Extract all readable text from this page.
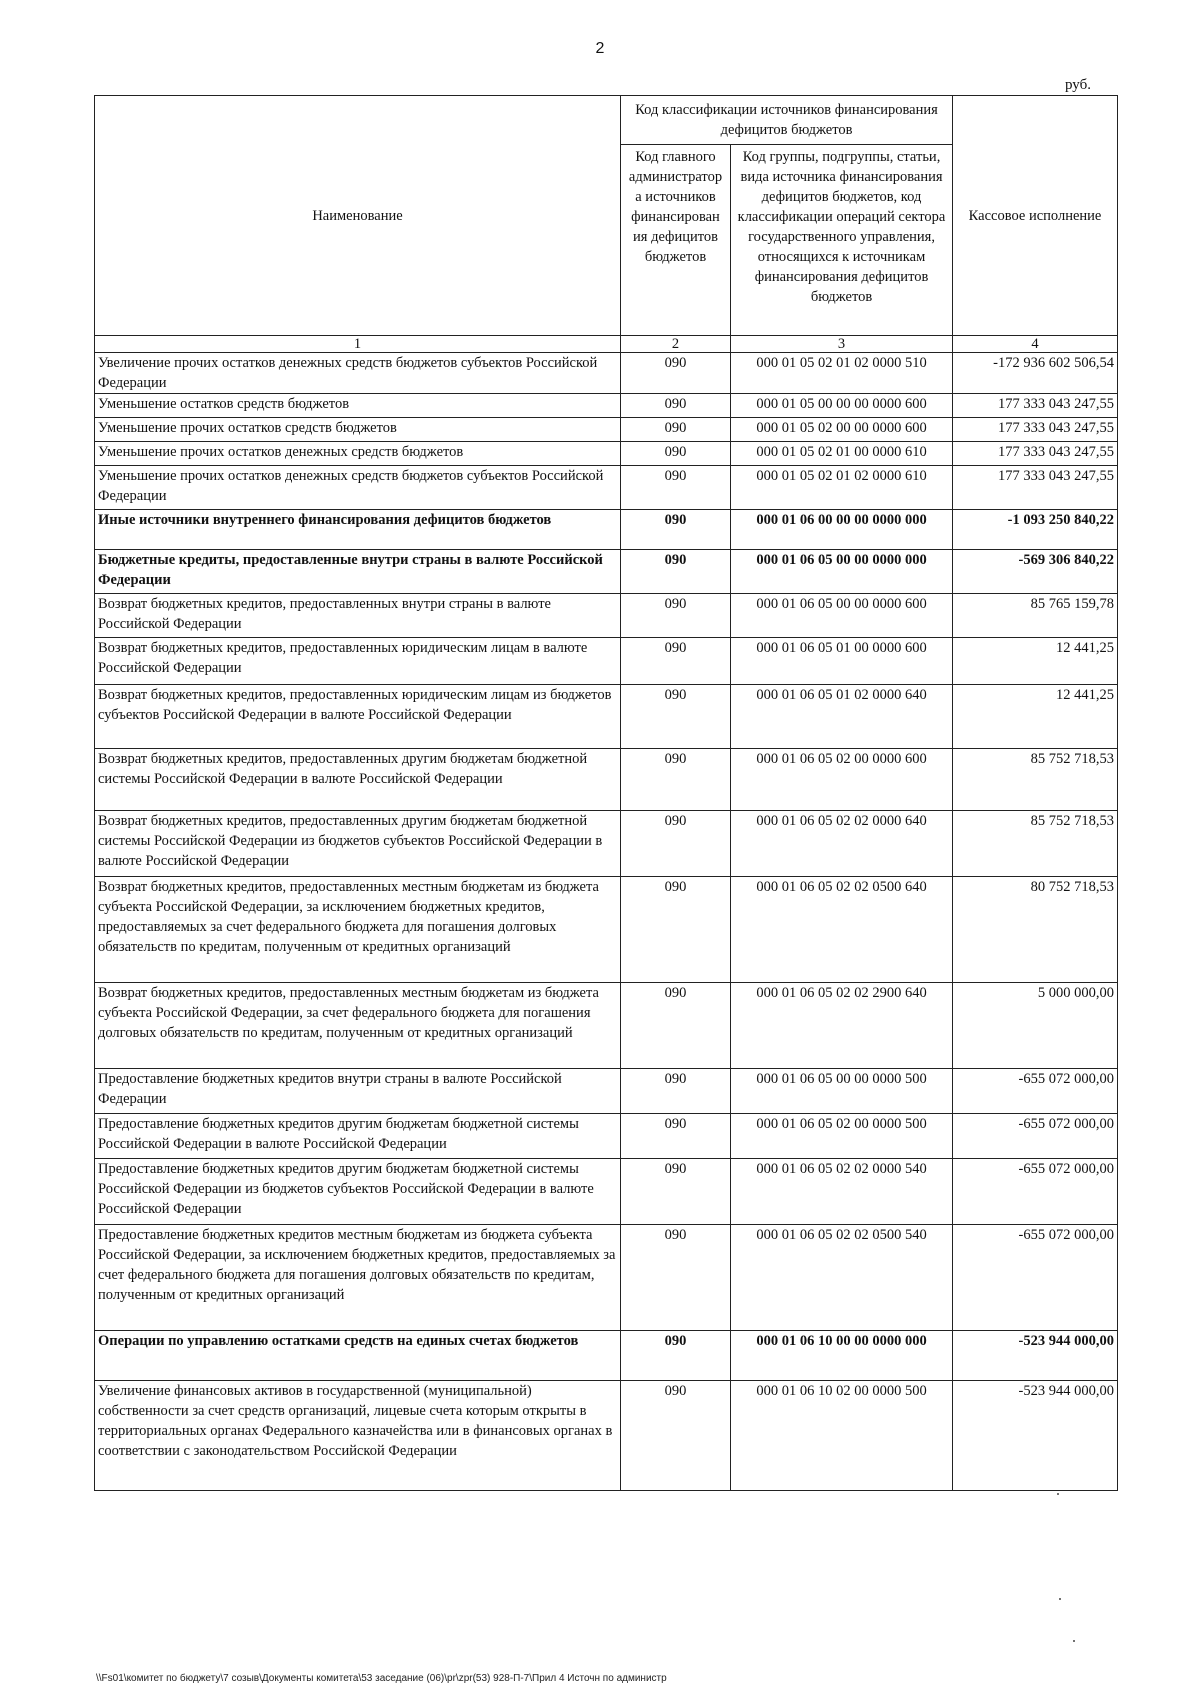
2
руб.
Наименование	Код классификации источников финансирования дефицитов бюджетов		Кассовое исполнение
	Код главного администратор а источников финансирован ия дефицитов бюджетов	Код группы, подгруппы, статьи, вида источника финансирования дефицитов бюджетов, код классификации операций сектора государственного управления, относящихся к источникам финансирования дефицитов бюджетов	
1	2	3	4
Увеличение прочих остатков денежных средств бюджетов субъектов Российской Федерации	090	000 01 05 02 01 02 0000 510	-172 936 602 506,54
Уменьшение остатков средств бюджетов	090	000 01 05 00 00 00 0000 600	177 333 043 247,55
Уменьшение прочих остатков средств бюджетов	090	000 01 05 02 00 00 0000 600	177 333 043 247,55
Уменьшение прочих остатков денежных средств бюджетов	090	000 01 05 02 01 00 0000 610	177 333 043 247,55
Уменьшение прочих остатков денежных средств бюджетов субъектов Российской Федерации	090	000 01 05 02 01 02 0000 610	177 333 043 247,55
Иные источники внутреннего финансирования дефицитов бюджетов	090	000 01 06 00 00 00 0000 000	-1 093 250 840,22
Бюджетные кредиты, предоставленные внутри страны в валюте Российской Федерации	090	000 01 06 05 00 00 0000 000	-569 306 840,22
Возврат бюджетных кредитов, предоставленных внутри страны в валюте Российской Федерации	090	000 01 06 05 00 00 0000 600	85 765 159,78
Возврат бюджетных кредитов, предоставленных юридическим лицам в валюте Российской Федерации	090	000 01 06 05 01 00 0000 600	12 441,25
Возврат бюджетных кредитов, предоставленных юридическим лицам из бюджетов субъектов Российской Федерации в валюте Российской Федерации	090	000 01 06 05 01 02 0000 640	12 441,25
Возврат бюджетных кредитов, предоставленных другим бюджетам бюджетной системы Российской Федерации в валюте Российской Федерации	090	000 01 06 05 02 00 0000 600	85 752 718,53
Возврат бюджетных кредитов, предоставленных другим бюджетам бюджетной системы Российской Федерации из бюджетов субъектов Российской Федерации в валюте Российской Федерации	090	000 01 06 05 02 02 0000 640	85 752 718,53
Возврат бюджетных кредитов, предоставленных местным бюджетам из бюджета субъекта Российской Федерации, за исключением бюджетных кредитов, предоставляемых за счет федерального бюджета для погашения долговых обязательств по кредитам, полученным от кредитных организаций	090	000 01 06 05 02 02 0500 640	80 752 718,53
Возврат бюджетных кредитов, предоставленных местным бюджетам из бюджета субъекта Российской Федерации, за счет федерального бюджета для погашения долговых обязательств по кредитам, полученным от кредитных организаций	090	000 01 06 05 02 02 2900 640	5 000 000,00
Предоставление бюджетных кредитов внутри страны в валюте Российской Федерации	090	000 01 06 05 00 00 0000 500	-655 072 000,00
Предоставление бюджетных кредитов другим бюджетам бюджетной системы Российской Федерации в валюте Российской Федерации	090	000 01 06 05 02 00 0000 500	-655 072 000,00
Предоставление бюджетных кредитов другим бюджетам бюджетной системы Российской Федерации из бюджетов субъектов Российской Федерации в валюте Российской Федерации	090	000 01 06 05 02 02 0000 540	-655 072 000,00
Предоставление бюджетных кредитов местным бюджетам из бюджета субъекта Российской Федерации, за исключением бюджетных кредитов, предоставляемых за счет федерального бюджета для погашения долговых обязательств по кредитам, полученным от кредитных организаций	090	000 01 06 05 02 02 0500 540	-655 072 000,00
Операции по управлению остатками средств на единых счетах бюджетов	090	000 01 06 10 00 00 0000 000	-523 944 000,00
Увеличение финансовых активов в государственной (муниципальной) собственности за счет средств организаций, лицевые счета которым открыты в территориальных органах Федерального казначейства или в финансовых органах в соответствии с законодательством Российской Федерации	090	000 01 06 10 02 00 0000 500	-523 944 000,00
\\Fs01\комитет по бюджету\7 созыв\Документы комитета\53 заседание (06)\pr\zpr(53) 928-П-7\Прил 4 Источн по администр
